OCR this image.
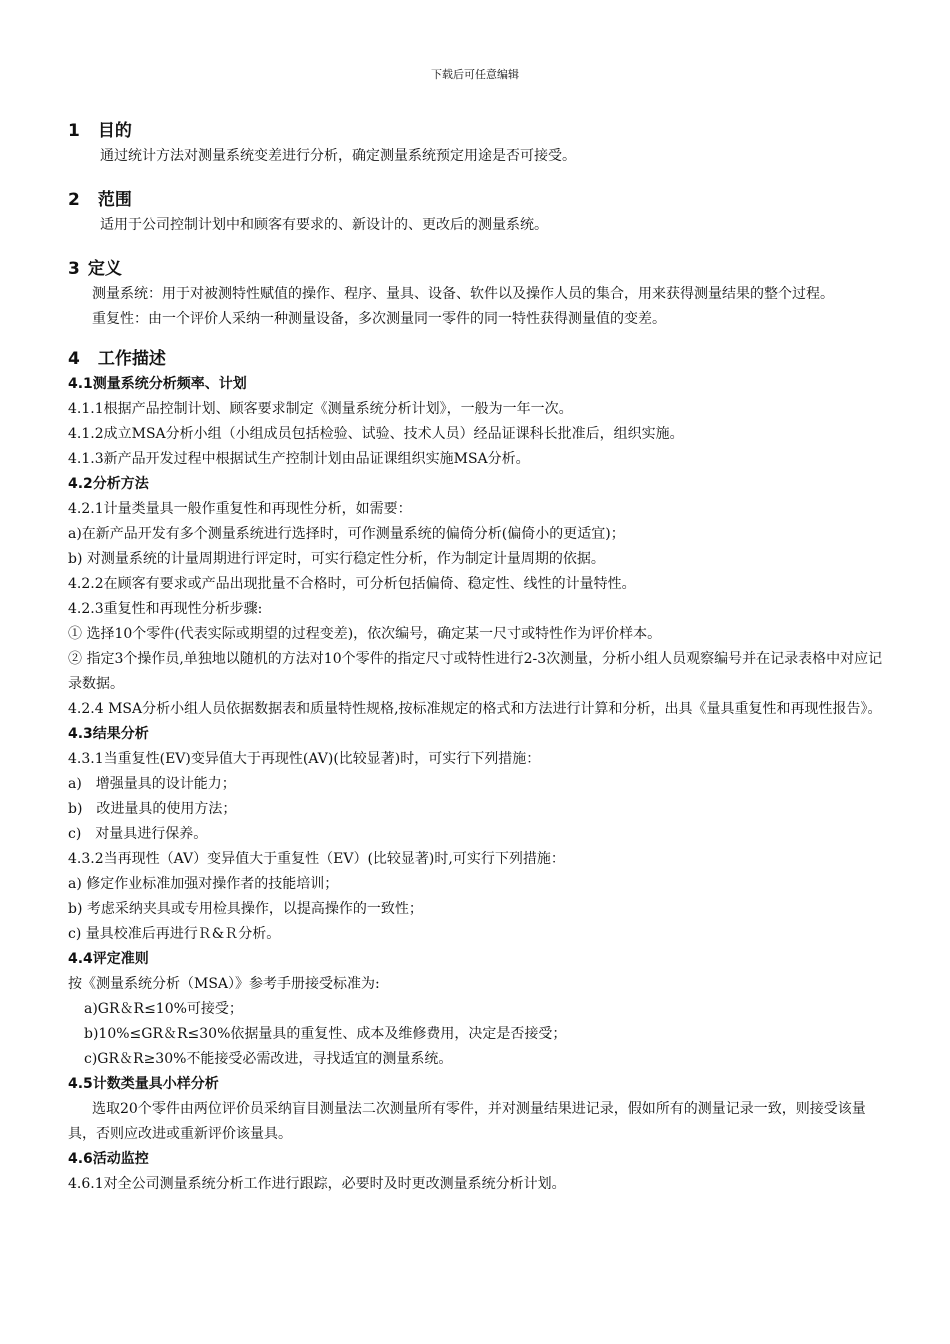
下载后可任意编辑
1 目的

通过统计方法对测量系统变差进行分析，确定测量系统预定用途是否可接受。

2 范围

适用于公司控制计划中和顾客有要求的、新设计的、更改后的测量系统。

3 定义

测量系统：用于对被测特性赋值的操作、程序、量具、设备、软件以及操作人员的集合，用来获得测量结果的整个过程。

重复性：由一个评价人采纳一种测量设备，多次测量同一零件的同一特性获得测量值的变差。

4 工作描述
4.1测量系统分析频率、计划

4.1.1根据产品控制计划、顾客要求制定《测量系统分析计划》，一般为一年一次。

4.1.2成立MSA分析小组（小组成员包括检验、试验、技术人员）经品证课科长批准后，组织实施。

4.1.3新产品开发过程中根据试生产控制计划由品证课组织实施MSA分析。

4.2分析方法

4.2.1计量类量具一般作重复性和再现性分析，如需要：

a)在新产品开发有多个测量系统进行选择时，可作测量系统的偏倚分析(偏倚小的更适宜)；

b) 对测量系统的计量周期进行评定时，可实行稳定性分析，作为制定计量周期的依据。

4.2.2在顾客有要求或产品出现批量不合格时，可分析包括偏倚、稳定性、线性的计量特性。

4.2.3重复性和再现性分析步骤:

① 选择10个零件(代表实际或期望的过程变差)，依次编号，确定某一尺寸或特性作为评价样本。

② 指定3个操作员,单独地以随机的方法对10个零件的指定尺寸或特性进行2-3次测量，分析小组人员观察编号并在记录表格中对应记录数据。

4.2.4 MSA分析小组人员依据数据表和质量特性规格,按标准规定的格式和方法进行计算和分析，出具《量具重复性和再现性报告》。

4.3结果分析

4.3.1当重复性(EV)变异值大于再现性(AV)(比较显著)时，可实行下列措施：

a)　增强量具的设计能力；

b)　改进量具的使用方法；

c)　对量具进行保养。

4.3.2当再现性（AV）变异值大于重复性（EV）(比较显著)时,可实行下列措施：

a) 修定作业标准加强对操作者的技能培训；

b) 考虑采纳夹具或专用检具操作，以提高操作的一致性；

c) 量具校准后再进行Ｒ&Ｒ分析。

4.4评定准则

按《测量系统分析（MSA）》参考手册接受标准为:

a)GR＆R≤10%可接受；

b)10%≤GR＆R≤30%依据量具的重复性、成本及维修费用，决定是否接受；

c)GR＆R≥30%不能接受必需改进，寻找适宜的测量系统。

4.5计数类量具小样分析

选取20个零件由两位评价员采纳盲目测量法二次测量所有零件，并对测量结果进记录，假如所有的测量记录一致，则接受该量具，否则应改进或重新评价该量具。

4.6活动监控

4.6.1对全公司测量系统分析工作进行跟踪，必要时及时更改测量系统分析计划。
